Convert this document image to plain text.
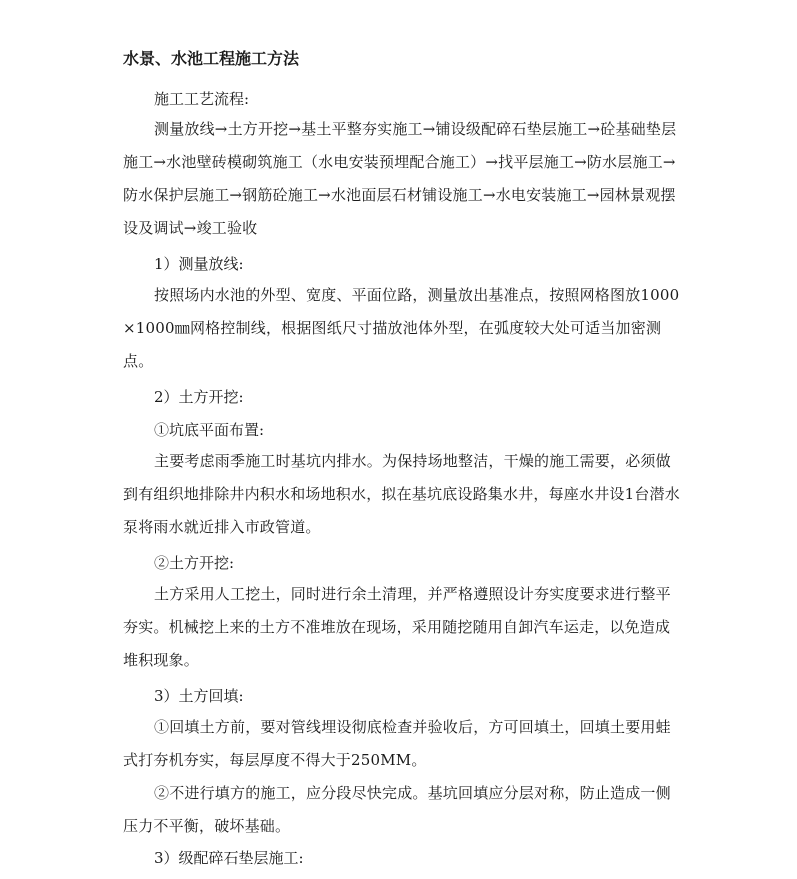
水景、水池工程施工方法

施工工艺流程:

测量放线→土方开挖→基土平整夯实施工→铺设级配碎石垫层施工→砼基础垫层施工→水池壁砖模砌筑施工（水电安装预埋配合施工）→找平层施工→防水层施工→防水保护层施工→钢筋砼施工→水池面层石材铺设施工→水电安装施工→园林景观摆设及调试→竣工验收

1）测量放线:

按照场内水池的外型、宽度、平面位路，测量放出基准点，按照网格图放1000×1000㎜网格控制线，根据图纸尺寸描放池体外型，在弧度较大处可适当加密测点。

2）土方开挖:

①坑底平面布置:

主要考虑雨季施工时基坑内排水。为保持场地整洁，干燥的施工需要，必须做到有组织地排除井内积水和场地积水，拟在基坑底设路集水井，每座水井设1台潜水泵将雨水就近排入市政管道。

②土方开挖:

土方采用人工挖土，同时进行余土清理，并严格遵照设计夯实度要求进行整平夯实。机械挖上来的土方不准堆放在现场，采用随挖随用自卸汽车运走，以免造成堆积现象。

3）土方回填:

①回填土方前，要对管线埋设彻底检查并验收后，方可回填土，回填土要用蛙式打夯机夯实，每层厚度不得大于250MM。

②不进行填方的施工，应分段尽快完成。基坑回填应分层对称，防止造成一侧压力不平衡，破坏基础。

3）级配碎石垫层施工:
